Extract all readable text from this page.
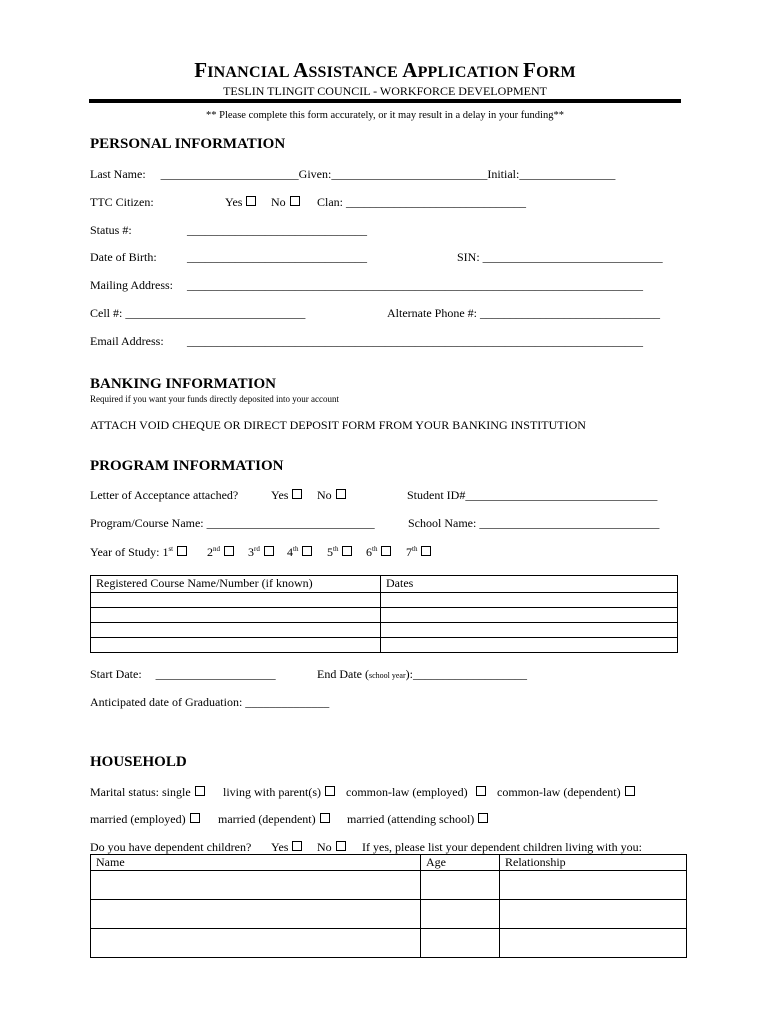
FINANCIAL ASSISTANCE APPLICATION FORM
TESLIN TLINGIT COUNCIL - WORKFORCE DEVELOPMENT
** Please complete this form accurately, or it may result in a delay in your funding**
PERSONAL INFORMATION
Last Name: _______________________Given:__________________________Initial:________________
TTC Citizen:	Yes	No	Clan: ______________________________
Status #:	______________________________
Date of Birth:	______________________________	SIN: ______________________________
Mailing Address: ____________________________________________________________________________
Cell #: ______________________________	Alternate Phone #: ______________________________
Email Address: ____________________________________________________________________________
BANKING INFORMATION
Required if you want your funds directly deposited into your account
ATTACH VOID CHEQUE OR DIRECT DEPOSIT FORM FROM YOUR BANKING INSTITUTION
PROGRAM INFORMATION
Letter of Acceptance attached?	Yes	No	Student ID#________________________________
Program/Course Name: ____________________________	School Name: ______________________________
Year of Study: 1st	2nd	3rd	4th	5th	6th	7th
Registered Course Name/Number (if known)	Dates

Start Date: ____________________	End Date (school year):___________________
Anticipated date of Graduation: ______________
HOUSEHOLD
Marital status: single	living with parent(s)	common-law (employed)	common-law (dependent)
married (employed)	married (dependent)	married (attending school)
Do you have dependent children? Yes	No	If yes, please list your dependent children living with you:
Name	Age	Relationship
